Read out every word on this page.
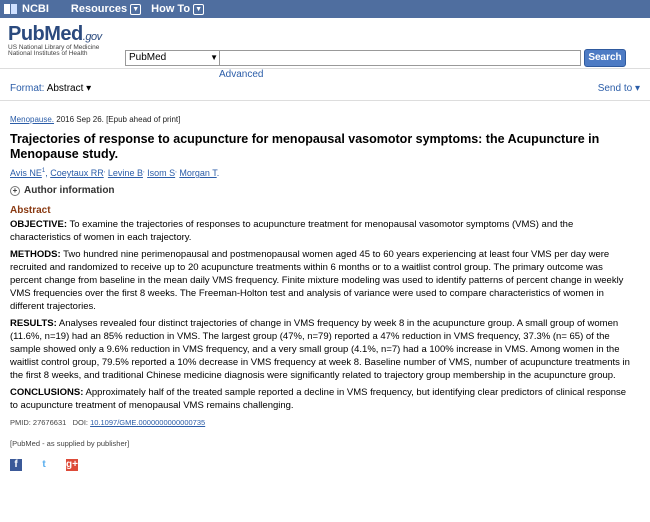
NCBI Resources ▼ How To ▼
PubMed.gov
US National Library of Medicine
National Institutes of Health	PubMed	▼	Search
Advanced
Format: Abstract ▾	Send to ▾
Menopause. 2016 Sep 26. [Epub ahead of print]
Trajectories of response to acupuncture for menopausal vasomotor symptoms: the Acupuncture in Menopause study.
Avis $NE^1$, Coeytaux RR, Levine B, Isom S, Morgan T.
+ Author information
Abstract
OBJECTIVE: To examine the trajectories of responses to acupuncture treatment for menopausal vasomotor symptoms (VMS) and the characteristics of women in each trajectory.
METHODS: Two hundred nine perimenopausal and postmenopausal women aged 45 to 60 years experiencing at least four VMS per day were recruited and randomized to receive up to 20 acupuncture treatments within 6 months or to a waitlist control group. The primary outcome was percent change from baseline in the mean daily VMS frequency. Finite mixture modeling was used to identify patterns of percent change in weekly VMS frequencies over the first 8 weeks. The Freeman-Holton test and analysis of variance were used to compare characteristics of women in different trajectories.
RESULTS: Analyses revealed four distinct trajectories of change in VMS frequency by week 8 in the acupuncture group. A small group of women (11.6%, n=19) had an 85% reduction in VMS. The largest group (47%, n=79) reported a 47% reduction in VMS frequency, 37.3% (n= 65) of the sample showed only a 9.6% reduction in VMS frequency, and a very small group (4.1%, n=7) had a 100% increase in VMS. Among women in the waitlist control group, 79.5% reported a 10% decrease in VMS frequency at week 8. Baseline number of VMS, number of acupuncture treatments in the first 8 weeks, and traditional Chinese medicine diagnosis were significantly related to trajectory group membership in the acupuncture group.
CONCLUSIONS: Approximately half of the treated sample reported a decline in VMS frequency, but identifying clear predictors of clinical response to acupuncture treatment of menopausal VMS remains challenging.
PMID: 27676631 DOI: 10.1097/GME.0000000000000735
[PubMed - as supplied by publisher]
f	t	g+
